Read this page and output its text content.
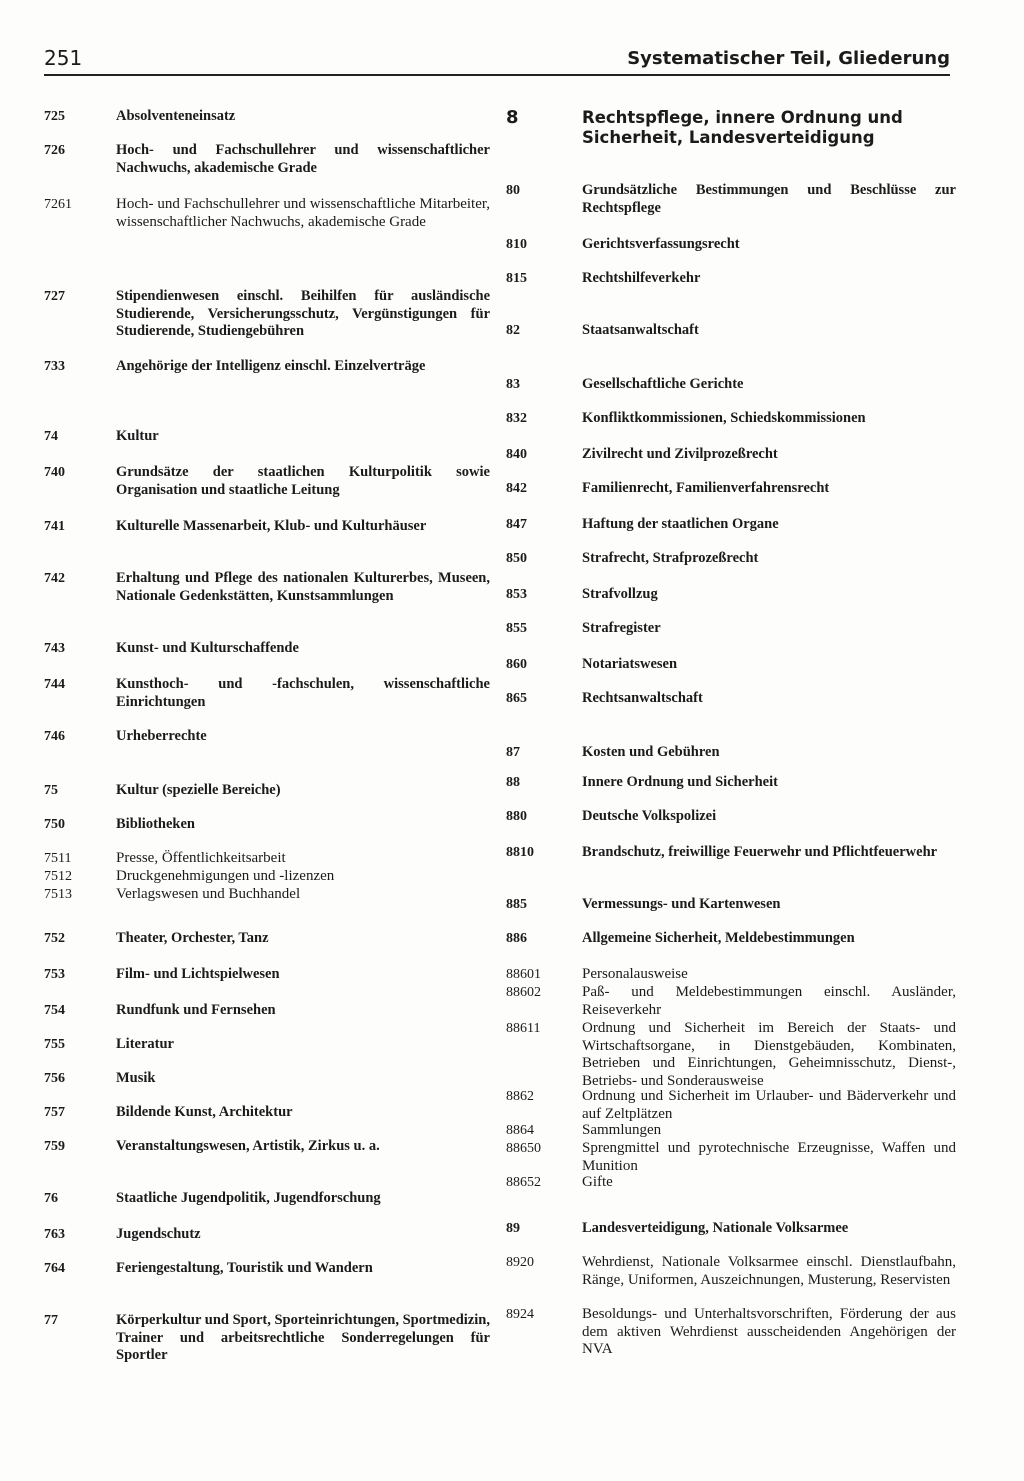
251	Systematischer Teil, Gliederung
725	Absolventeneinsatz
726	Hoch- und Fachschullehrer und wissenschaftlicher Nachwuchs, akademische Grade
7261	Hoch- und Fachschullehrer und wissenschaftliche Mitarbeiter, wissenschaftlicher Nachwuchs, akademische Grade
727	Stipendienwesen einschl. Beihilfen für ausländische Studierende, Versicherungsschutz, Vergünstigungen für Studierende, Studiengebühren
733	Angehörige der Intelligenz einschl. Einzelverträge
74	Kultur
740	Grundsätze der staatlichen Kulturpolitik sowie Organisation und staatliche Leitung
741	Kulturelle Massenarbeit, Klub- und Kulturhäuser
742	Erhaltung und Pflege des nationalen Kulturerbes, Museen, Nationale Gedenkstätten, Kunstsammlungen
743	Kunst- und Kulturschaffende
744	Kunsthoch- und -fachschulen, wissenschaftliche Einrichtungen
746	Urheberrechte
75	Kultur (spezielle Bereiche)
750	Bibliotheken
7511	Presse, Öffentlichkeitsarbeit
7512	Druckgenehmigungen und -lizenzen
7513	Verlagswesen und Buchhandel
752	Theater, Orchester, Tanz
753	Film- und Lichtspielwesen
754	Rundfunk und Fernsehen
755	Literatur
756	Musik
757	Bildende Kunst, Architektur
759	Veranstaltungswesen, Artistik, Zirkus u. a.
76	Staatliche Jugendpolitik, Jugendforschung
763	Jugendschutz
764	Feriengestaltung, Touristik und Wandern
77	Körperkultur und Sport, Sporteinrichtungen, Sportmedizin, Trainer und arbeitsrechtliche Sonderregelungen für Sportler
8	Rechtspflege, innere Ordnung und Sicherheit, Landesverteidigung
80	Grundsätzliche Bestimmungen und Beschlüsse zur Rechtspflege
810	Gerichtsverfassungsrecht
815	Rechtshilfeverkehr
82	Staatsanwaltschaft
83	Gesellschaftliche Gerichte
832	Konfliktkommissionen, Schiedskommissionen
840	Zivilrecht und Zivilprozeßrecht
842	Familienrecht, Familienverfahrensrecht
847	Haftung der staatlichen Organe
850	Strafrecht, Strafprozeßrecht
853	Strafvollzug
855	Strafregister
860	Notariatswesen
865	Rechtsanwaltschaft
87	Kosten und Gebühren
88	Innere Ordnung und Sicherheit
880	Deutsche Volkspolizei
8810	Brandschutz, freiwillige Feuerwehr und Pflichtfeuerwehr
885	Vermessungs- und Kartenwesen
886	Allgemeine Sicherheit, Meldebestimmungen
88601	Personalausweise
88602	Paß- und Meldebestimmungen einschl. Ausländer, Reiseverkehr
88611	Ordnung und Sicherheit im Bereich der Staats- und Wirtschaftsorgane, in Dienstgebäuden, Kombinaten, Betrieben und Einrichtungen, Geheimnisschutz, Dienst-, Betriebs- und Sonderausweise
8862	Ordnung und Sicherheit im Urlauber- und Bäderverkehr und auf Zeltplätzen
8864	Sammlungen
88650	Sprengmittel und pyrotechnische Erzeugnisse, Waffen und Munition
88652	Gifte
89	Landesverteidigung, Nationale Volksarmee
8920	Wehrdienst, Nationale Volksarmee einschl. Dienstlaufbahn, Ränge, Uniformen, Auszeichnungen, Musterung, Reservisten
8924	Besoldungs- und Unterhaltsvorschriften, Förderung der aus dem aktiven Wehrdienst ausscheidenden Angehörigen der NVA
